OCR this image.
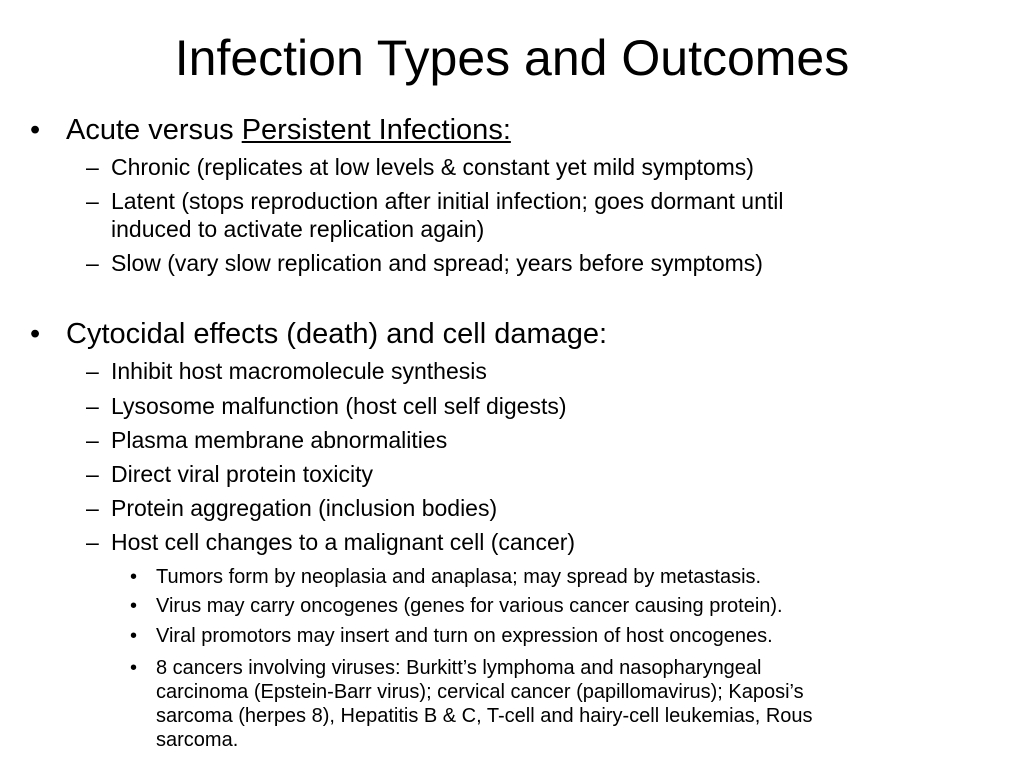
Infection Types and Outcomes
• Acute versus Persistent Infections:
– Chronic (replicates at low levels & constant yet mild symptoms)
– Latent (stops reproduction after initial infection; goes dormant until
induced to activate replication again)
– Slow (vary slow replication and spread; years before symptoms)
• Cytocidal effects (death) and cell damage:
– Inhibit host macromolecule synthesis
– Lysosome malfunction (host cell self digests)
– Plasma membrane abnormalities
– Direct viral protein toxicity
– Protein aggregation (inclusion bodies)
– Host cell changes to a malignant cell (cancer)
• Tumors form by neoplasia and anaplasa; may spread by metastasis.
• Virus may carry oncogenes (genes for various cancer causing protein).
• Viral promotors may insert and turn on expression of host oncogenes.
• 8 cancers involving viruses: Burkitt’s lymphoma and nasopharyngeal
carcinoma (Epstein-Barr virus); cervical cancer (papillomavirus); Kaposi’s
sarcoma (herpes 8), Hepatitis B & C, T-cell and hairy-cell leukemias, Rous
sarcoma.
